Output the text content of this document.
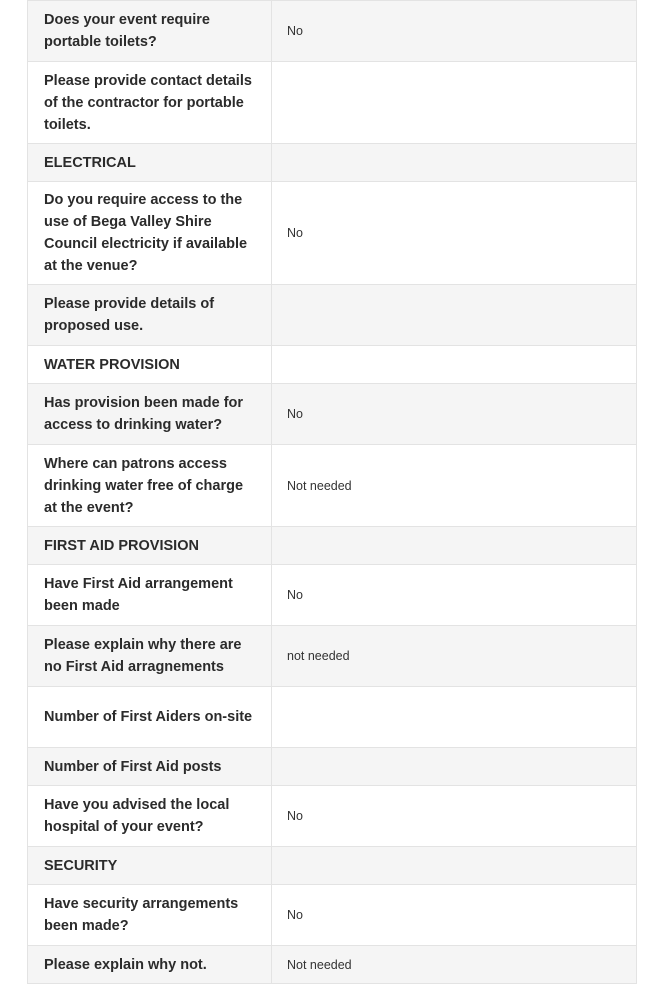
Does your event require portable toilets?	No

Please provide contact details of the contractor for portable toilets.	

ELECTRICAL	

Do you require access to the use of Bega Valley Shire Council electricity if available at the venue?	No

Please provide details of proposed use.	

WATER PROVISION	

Has provision been made for access to drinking water?	No

Where can patrons access drinking water free of charge at the event?	Not needed

FIRST AID PROVISION	

Have First Aid arrangement been made	No

Please explain why there are no First Aid arragnements	not needed

Number of First Aiders on-site	

Number of First Aid posts	

Have you advised the local hospital of your event?	No

SECURITY	

Have security arrangements been made?	No

Please explain why not.	Not needed
